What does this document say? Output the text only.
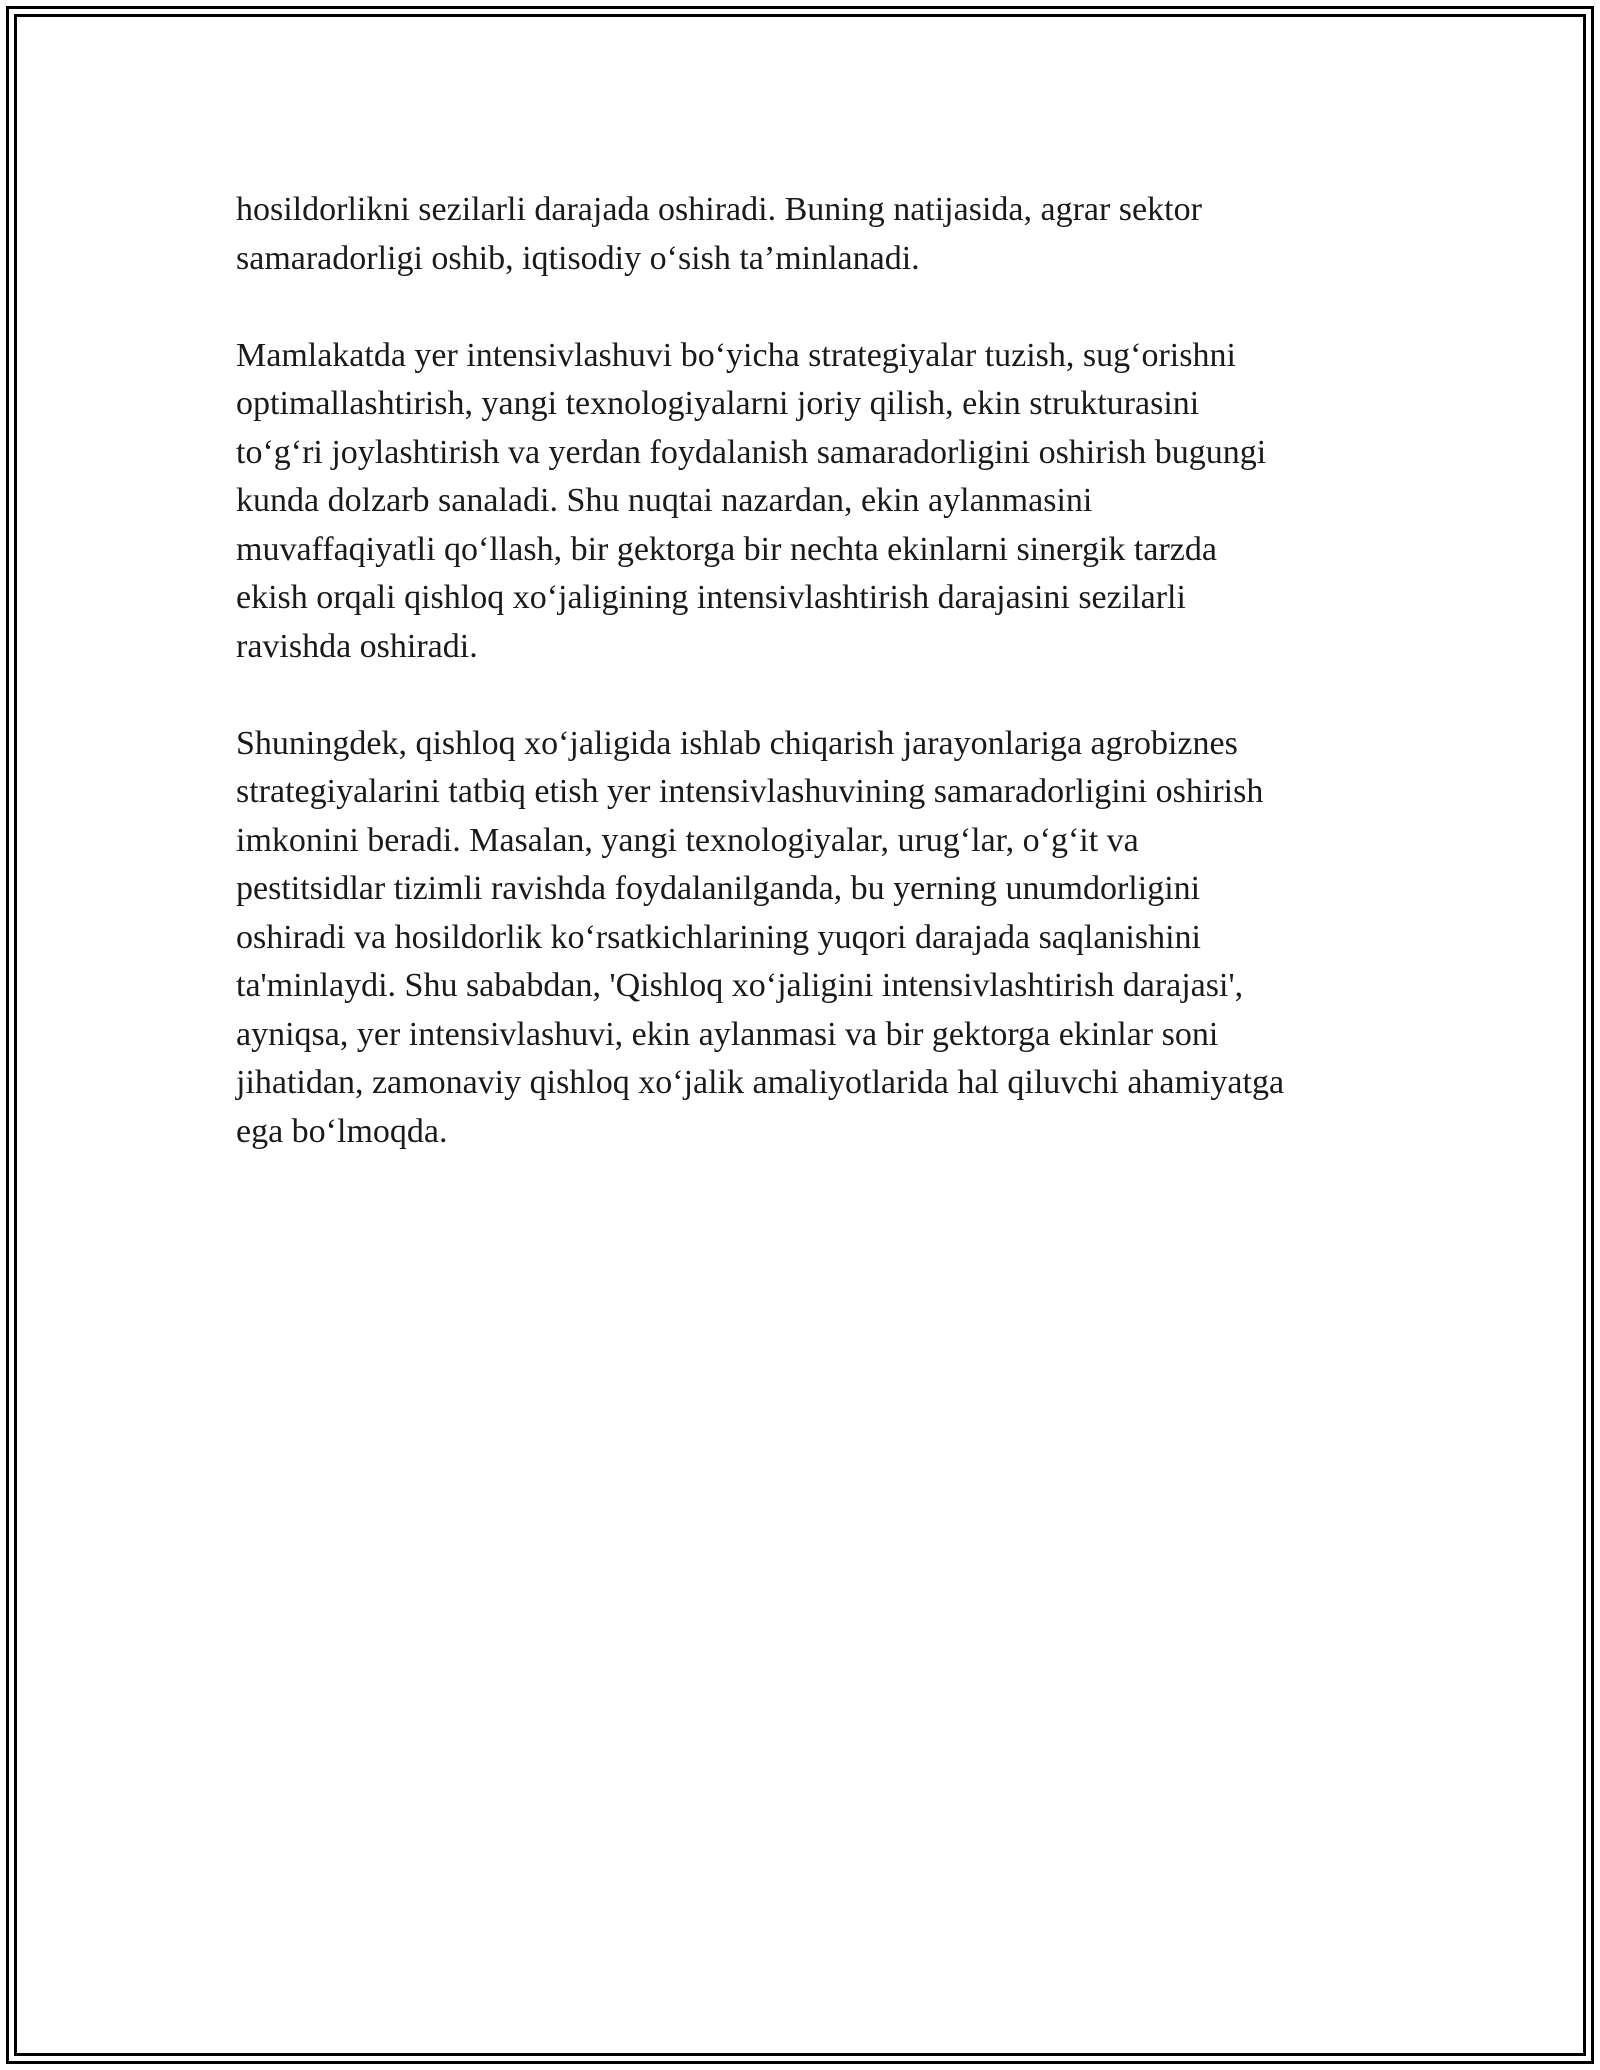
hosildorlikni sezilarli darajada oshiradi. Buning natijasida, agrar sektor
samaradorligi oshib, iqtisodiy o‘sish ta’minlanadi.

Mamlakatda yer intensivlashuvi bo‘yicha strategiyalar tuzish, sug‘orishni
optimallashtirish, yangi texnologiyalarni joriy qilish, ekin strukturasini
to‘g‘ri joylashtirish va yerdan foydalanish samaradorligini oshirish bugungi
kunda dolzarb sanaladi. Shu nuqtai nazardan, ekin aylanmasini
muvaffaqiyatli qo‘llash, bir gektorga bir nechta ekinlarni sinergik tarzda
ekish orqali qishloq xo‘jaligining intensivlashtirish darajasini sezilarli
ravishda oshiradi.

Shuningdek, qishloq xo‘jaligida ishlab chiqarish jarayonlariga agrobiznes
strategiyalarini tatbiq etish yer intensivlashuvining samaradorligini oshirish
imkonini beradi. Masalan, yangi texnologiyalar, urug‘lar, o‘g‘it va
pestitsidlar tizimli ravishda foydalanilganda, bu yerning unumdorligini
oshiradi va hosildorlik ko‘rsatkichlarining yuqori darajada saqlanishini
ta'minlaydi. Shu sababdan, 'Qishloq xo‘jaligini intensivlashtirish darajasi',
ayniqsa, yer intensivlashuvi, ekin aylanmasi va bir gektorga ekinlar soni
jihatidan, zamonaviy qishloq xo‘jalik amaliyotlarida hal qiluvchi ahamiyatga
ega bo‘lmoqda.
